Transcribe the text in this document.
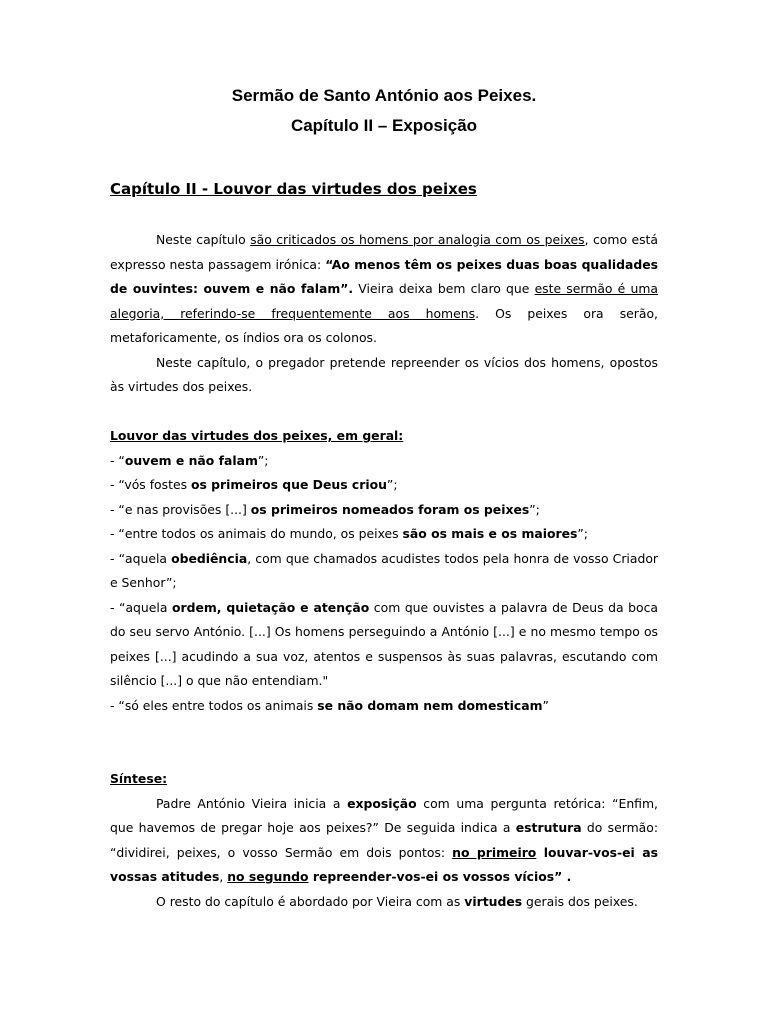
Sermão de Santo António aos Peixes.
Capítulo II – Exposição
Capítulo II - Louvor das virtudes dos peixes

Neste capítulo são criticados os homens por analogia com os peixes, como está expresso nesta passagem irónica: “Ao menos têm os peixes duas boas qualidades de ouvintes: ouvem e não falam”. Vieira deixa bem claro que este sermão é uma alegoria, referindo-se frequentemente aos homens. Os peixes ora serão, metaforicamente, os índios ora os colonos.

Neste capítulo, o pregador pretende repreender os vícios dos homens, opostos às virtudes dos peixes.

Louvor das virtudes dos peixes, em geral:

- “ouvem e não falam”;

- “vós fostes os primeiros que Deus criou”;

- “e nas provisões [...] os primeiros nomeados foram os peixes”;

- “entre todos os animais do mundo, os peixes são os mais e os maiores”;

- “aquela obediência, com que chamados acudistes todos pela honra de vosso Criador e Senhor”;

- “aquela ordem, quietação e atenção com que ouvistes a palavra de Deus da boca do seu servo António. [...] Os homens perseguindo a António [...] e no mesmo tempo os peixes [...] acudindo a sua voz, atentos e suspensos às suas palavras, escutando com silêncio [...] o que não entendiam."

- “só eles entre todos os animais se não domam nem domesticam”

Síntese:

Padre António Vieira inicia a exposição com uma pergunta retórica: “Enfim, que havemos de pregar hoje aos peixes?” De seguida indica a estrutura do sermão: “dividirei, peixes, o vosso Sermão em dois pontos: no primeiro louvar-vos-ei as vossas atitudes, no segundo repreender-vos-ei os vossos vícios” .

O resto do capítulo é abordado por Vieira com as virtudes gerais dos peixes.
